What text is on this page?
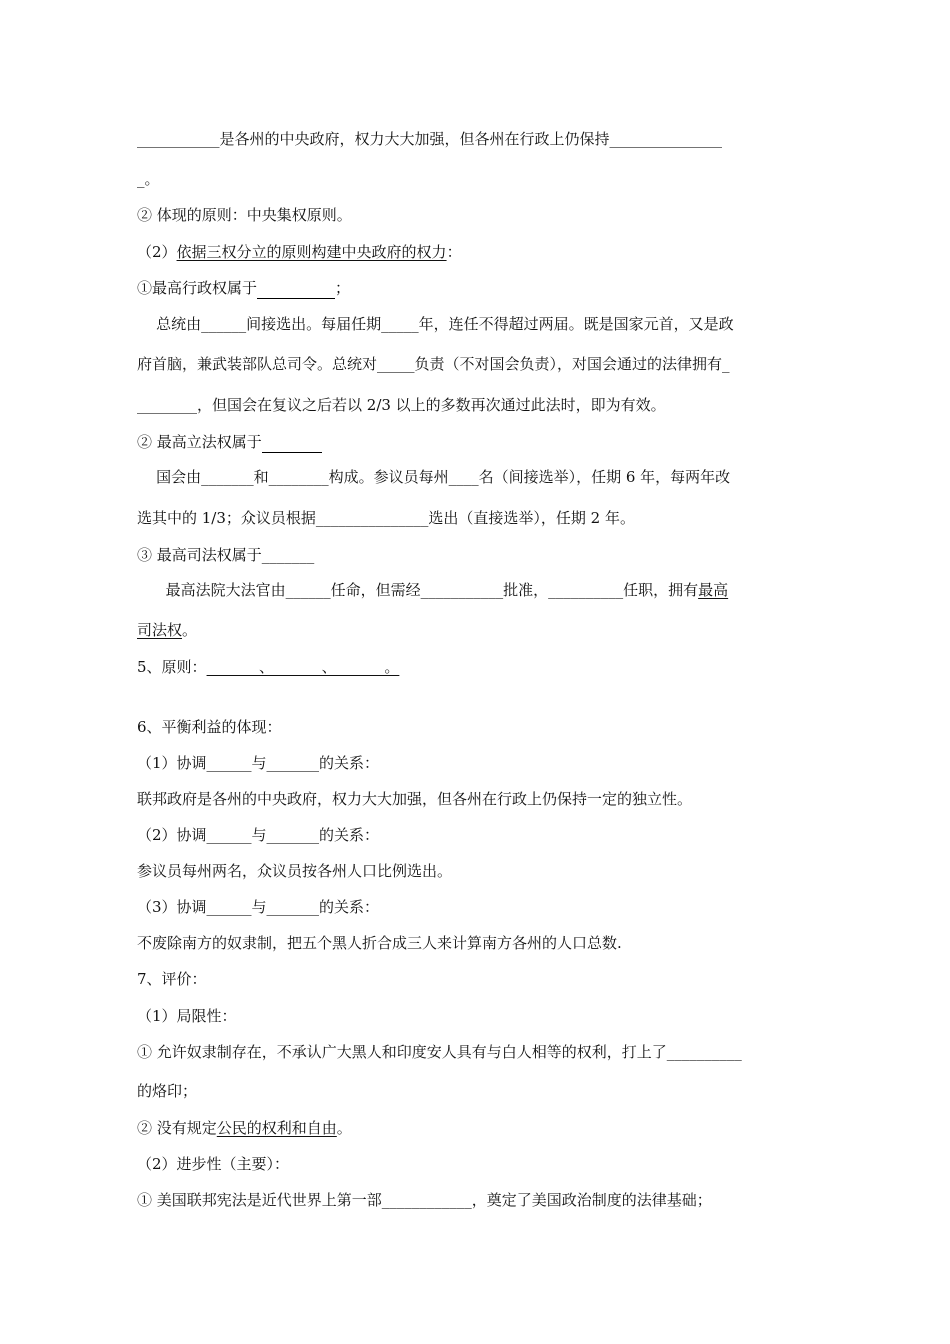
___________是各州的中央政府，权力大大加强，但各州在行政上仍保持_______________
_。
② 体现的原则：中央集权原则。
（2）依据三权分立的原则构建中央政府的权力：
①最高行政权属于	；
总统由______间接选出。每届任期_____年，连任不得超过两届。既是国家元首，又是政
府首脑，兼武装部队总司令。总统对_____负责（不对国会负责），对国会通过的法律拥有_
________，但国会在复议之后若以 2/3 以上的多数再次通过此法时，即为有效。
② 最高立法权属于
国会由_______和________构成。参议员每州____名（间接选举），任期 6 年，每两年改
选其中的 1/3；众议员根据_______________选出（直接选举），任期 2 年。
③ 最高司法权属于_______
最高法院大法官由______任命，但需经___________批准，__________任职，拥有最高
司法权。
5、原则：           、          、          。
6、平衡利益的体现：
（1）协调______与_______的关系：
联邦政府是各州的中央政府，权力大大加强，但各州在行政上仍保持一定的独立性。
（2）协调______与_______的关系：
参议员每州两名，众议员按各州人口比例选出。
（3）协调______与_______的关系：
不废除南方的奴隶制，把五个黑人折合成三人来计算南方各州的人口总数.
7、评价：
（1）局限性：
① 允许奴隶制存在，不承认广大黑人和印度安人具有与白人相等的权利，打上了__________
的烙印；
② 没有规定公民的权利和自由。
（2）进步性（主要）：
① 美国联邦宪法是近代世界上第一部____________，奠定了美国政治制度的法律基础；
